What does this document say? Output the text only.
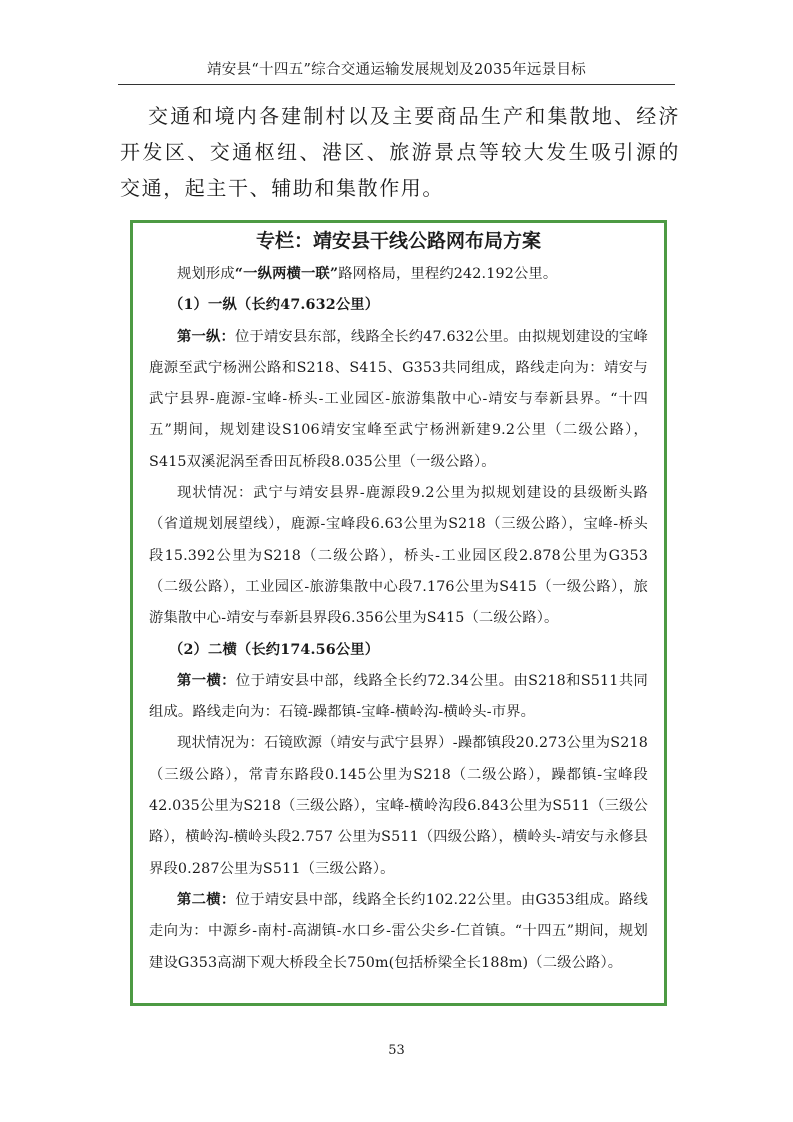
靖安县“十四五”综合交通运输发展规划及2035年远景目标

交通和境内各建制村以及主要商品生产和集散地、经济开发区、交通枢纽、港区、旅游景点等较大发生吸引源的交通，起主干、辅助和集散作用。

专栏：靖安县干线公路网布局方案

规划形成“一纵两横一联”路网格局，里程约242.192公里。

（1）一纵（长约47.632公里）

第一纵：位于靖安县东部，线路全长约47.632公里。由拟规划建设的宝峰鹿源至武宁杨洲公路和S218、S415、G353共同组成，路线走向为：靖安与武宁县界-鹿源-宝峰-桥头-工业园区-旅游集散中心-靖安与奉新县界。“十四五”期间，规划建设S106靖安宝峰至武宁杨洲新建9.2公里（二级公路），S415双溪泥涡至香田瓦桥段8.035公里（一级公路）。

现状情况：武宁与靖安县界-鹿源段9.2公里为拟规划建设的县级断头路（省道规划展望线），鹿源-宝峰段6.63公里为S218（三级公路），宝峰-桥头段15.392公里为S218（二级公路），桥头-工业园区段2.878公里为G353（二级公路），工业园区-旅游集散中心段7.176公里为S415（一级公路），旅游集散中心-靖安与奉新县界段6.356公里为S415（二级公路）。

（2）二横（长约174.56公里）

第一横：位于靖安县中部，线路全长约72.34公里。由S218和S511共同组成。路线走向为：石镜-躁都镇-宝峰-横岭沟-横岭头-市界。

现状情况为：石镜欧源（靖安与武宁县界）-躁都镇段20.273公里为S218（三级公路），常青东路段0.145公里为S218（二级公路），躁都镇-宝峰段42.035公里为S218（三级公路），宝峰-横岭沟段6.843公里为S511（三级公路），横岭沟-横岭头段2.757 公里为S511（四级公路），横岭头-靖安与永修县界段0.287公里为S511（三级公路）。

第二横：位于靖安县中部，线路全长约102.22公里。由G353组成。路线走向为：中源乡-南村-高湖镇-水口乡-雷公尖乡-仁首镇。“十四五”期间，规划建设G353高湖下观大桥段全长750m(包括桥梁全长188m)（二级公路）。

53
